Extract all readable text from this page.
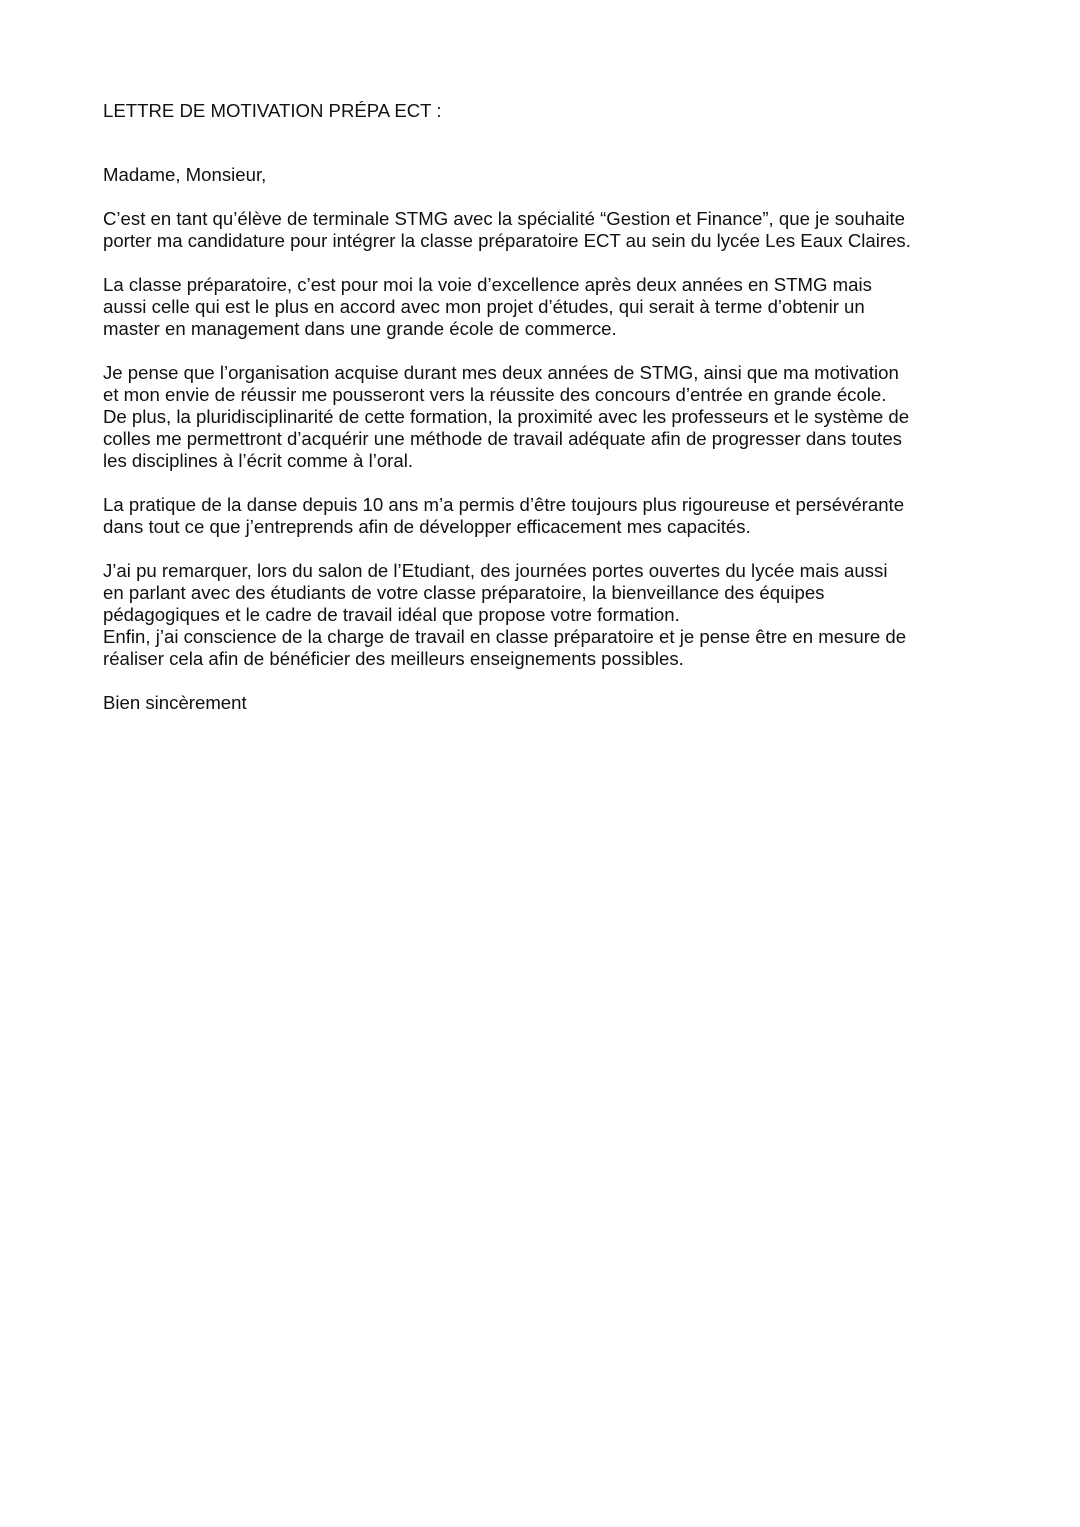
LETTRE DE MOTIVATION PRÉPA ECT :

Madame, Monsieur,

C’est en tant qu’élève de terminale STMG avec la spécialité “Gestion et Finance”, que je souhaite
porter ma candidature pour intégrer la classe préparatoire ECT au sein du lycée Les Eaux Claires.

La classe préparatoire, c’est pour moi la voie d’excellence après deux années en STMG mais
aussi celle qui est le plus en accord avec mon projet d’études, qui serait à terme d’obtenir un
master en management dans une grande école de commerce.

Je pense que l’organisation acquise durant mes deux années de STMG, ainsi que ma motivation
et mon envie de réussir me pousseront vers la réussite des concours d’entrée en grande école.
De plus, la pluridisciplinarité de cette formation, la proximité avec les professeurs et le système de
colles me permettront d’acquérir une méthode de travail adéquate afin de progresser dans toutes
les disciplines à l’écrit comme à l’oral.

La pratique de la danse depuis 10 ans m’a permis d’être toujours plus rigoureuse et persévérante
dans tout ce que j’entreprends afin de développer efficacement mes capacités.

J’ai pu remarquer, lors du salon de l’Etudiant, des journées portes ouvertes du lycée mais aussi
en parlant avec des étudiants de votre classe préparatoire, la bienveillance des équipes
pédagogiques et le cadre de travail idéal que propose votre formation.
Enfin, j’ai conscience de la charge de travail en classe préparatoire et je pense être en mesure de
réaliser cela afin de bénéficier des meilleurs enseignements possibles.

Bien sincèrement
